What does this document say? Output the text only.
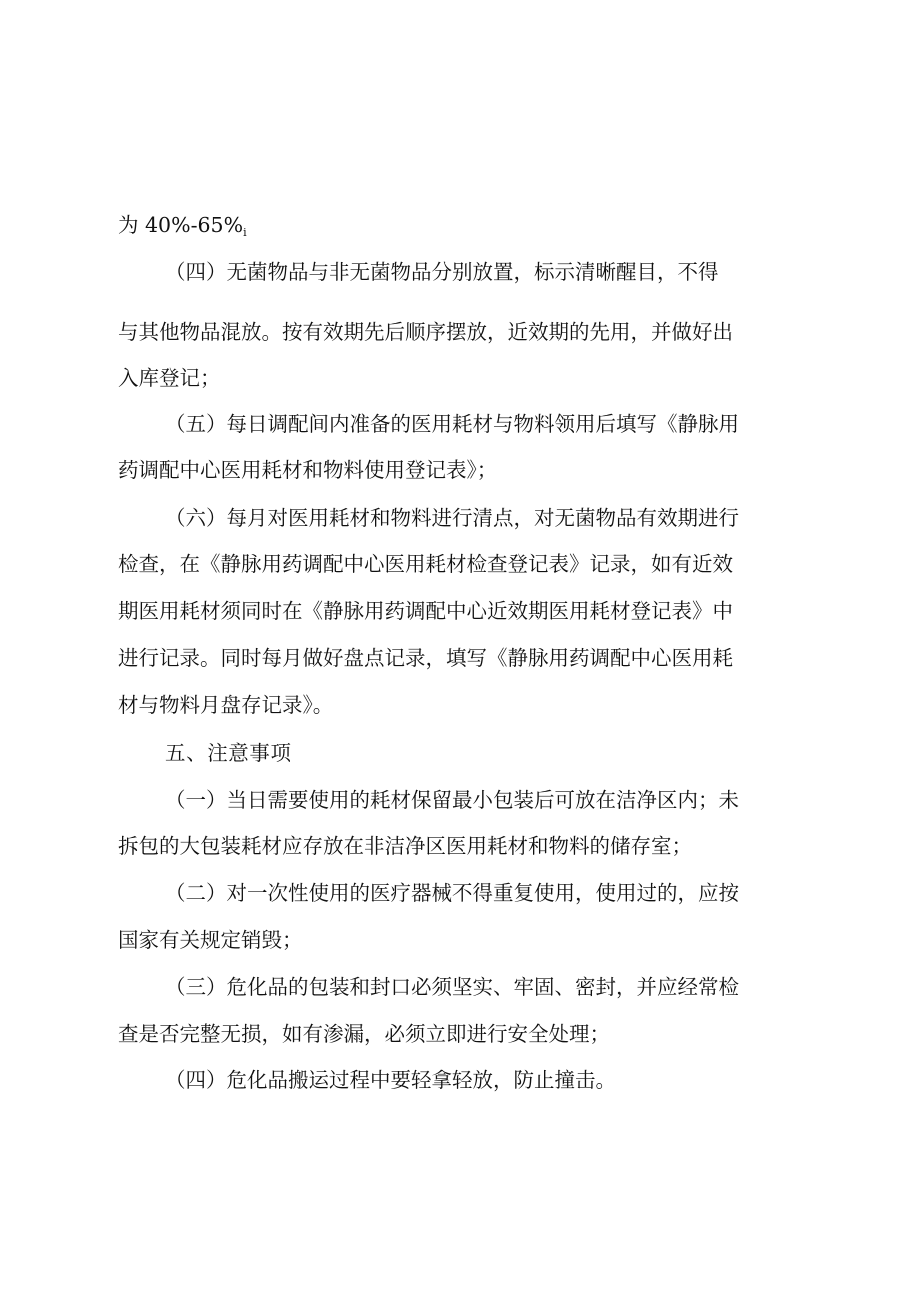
为 $40\%-65\%_i$
（四）无菌物品与非无菌物品分别放置，标示清晰醒目，不得
与其他物品混放。按有效期先后顺序摆放，近效期的先用，并做好出
入库登记；
（五）每日调配间内准备的医用耗材与物料领用后填写《静脉用
药调配中心医用耗材和物料使用登记表》；
（六）每月对医用耗材和物料进行清点，对无菌物品有效期进行
检查，在《静脉用药调配中心医用耗材检查登记表》记录，如有近效
期医用耗材须同时在《静脉用药调配中心近效期医用耗材登记表》中
进行记录。同时每月做好盘点记录，填写《静脉用药调配中心医用耗
材与物料月盘存记录》。
五、注意事项
（一）当日需要使用的耗材保留最小包装后可放在洁净区内；未
拆包的大包装耗材应存放在非洁净区医用耗材和物料的储存室；
（二）对一次性使用的医疗器械不得重复使用，使用过的，应按
国家有关规定销毁；
（三）危化品的包装和封口必须坚实、牢固、密封，并应经常检
查是否完整无损，如有渗漏，必须立即进行安全处理；
（四）危化品搬运过程中要轻拿轻放，防止撞击。
